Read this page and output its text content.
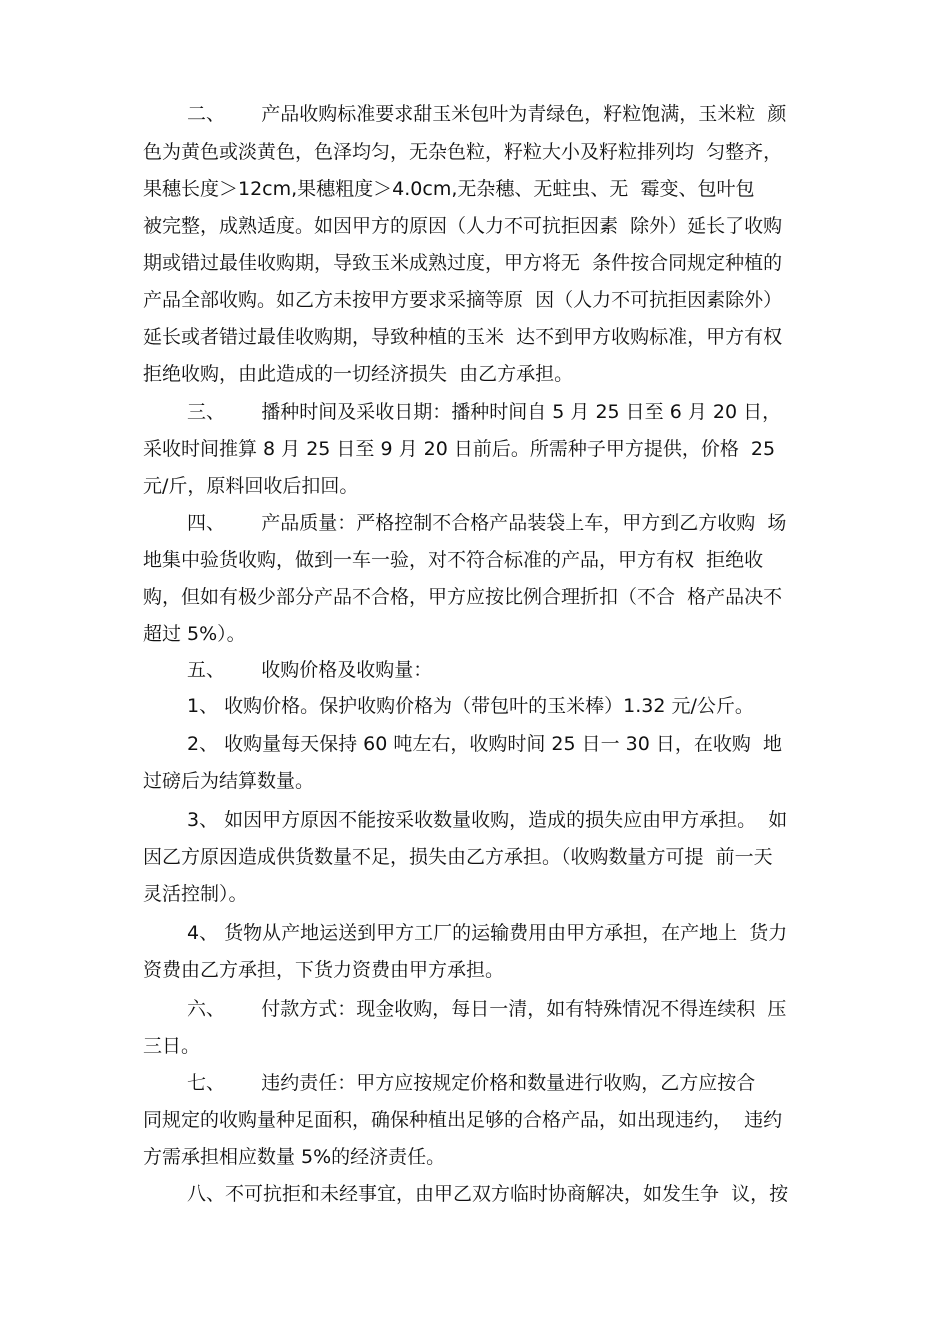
二、      产品收购标准要求甜玉米包叶为青绿色，籽粒饱满，玉米粒  颜
色为黄色或淡黄色，色泽均匀，无杂色粒，籽粒大小及籽粒排列均  匀整齐，
果穗长度＞12cm,果穗粗度＞4.0cm,无杂穗、无蛀虫、无  霉变、包叶包
被完整，成熟适度。如因甲方的原因（人力不可抗拒因素  除外）延长了收购
期或错过最佳收购期，导致玉米成熟过度，甲方将无  条件按合同规定种植的
产品全部收购。如乙方未按甲方要求采摘等原  因（人力不可抗拒因素除外）
延长或者错过最佳收购期，导致种植的玉米  达不到甲方收购标准，甲方有权
拒绝收购，由此造成的一切经济损失  由乙方承担。
三、      播种时间及采收日期：播种时间自 5 月 25 日至 6 月 20 日，
采收时间推算 8 月 25 日至 9 月 20 日前后。所需种子甲方提供，价格  25
元/斤，原料回收后扣回。
四、      产品质量：严格控制不合格产品装袋上车，甲方到乙方收购  场
地集中验货收购，做到一车一验，对不符合标准的产品，甲方有权  拒绝收
购，但如有极少部分产品不合格，甲方应按比例合理折扣（不合  格产品决不
超过 5%）。
五、      收购价格及收购量：
1、 收购价格。保护收购价格为（带包叶的玉米棒）1.32 元/公斤。
2、 收购量每天保持 60 吨左右，收购时间 25 日一 30 日，在收购  地
过磅后为结算数量。
3、 如因甲方原因不能按采收数量收购，造成的损失应由甲方承担。  如
因乙方原因造成供货数量不足，损失由乙方承担。（收购数量方可提  前一天
灵活控制）。
4、 货物从产地运送到甲方工厂的运输费用由甲方承担，在产地上  货力
资费由乙方承担，下货力资费由甲方承担。
六、      付款方式：现金收购，每日一清，如有特殊情况不得连续积  压
三日。
七、      违约责任：甲方应按规定价格和数量进行收购，乙方应按合
同规定的收购量种足面积，确保种植出足够的合格产品，如出现违约，  违约
方需承担相应数量 5%的经济责任。
八、不可抗拒和未经事宜，由甲乙双方临时协商解决，如发生争  议，按
